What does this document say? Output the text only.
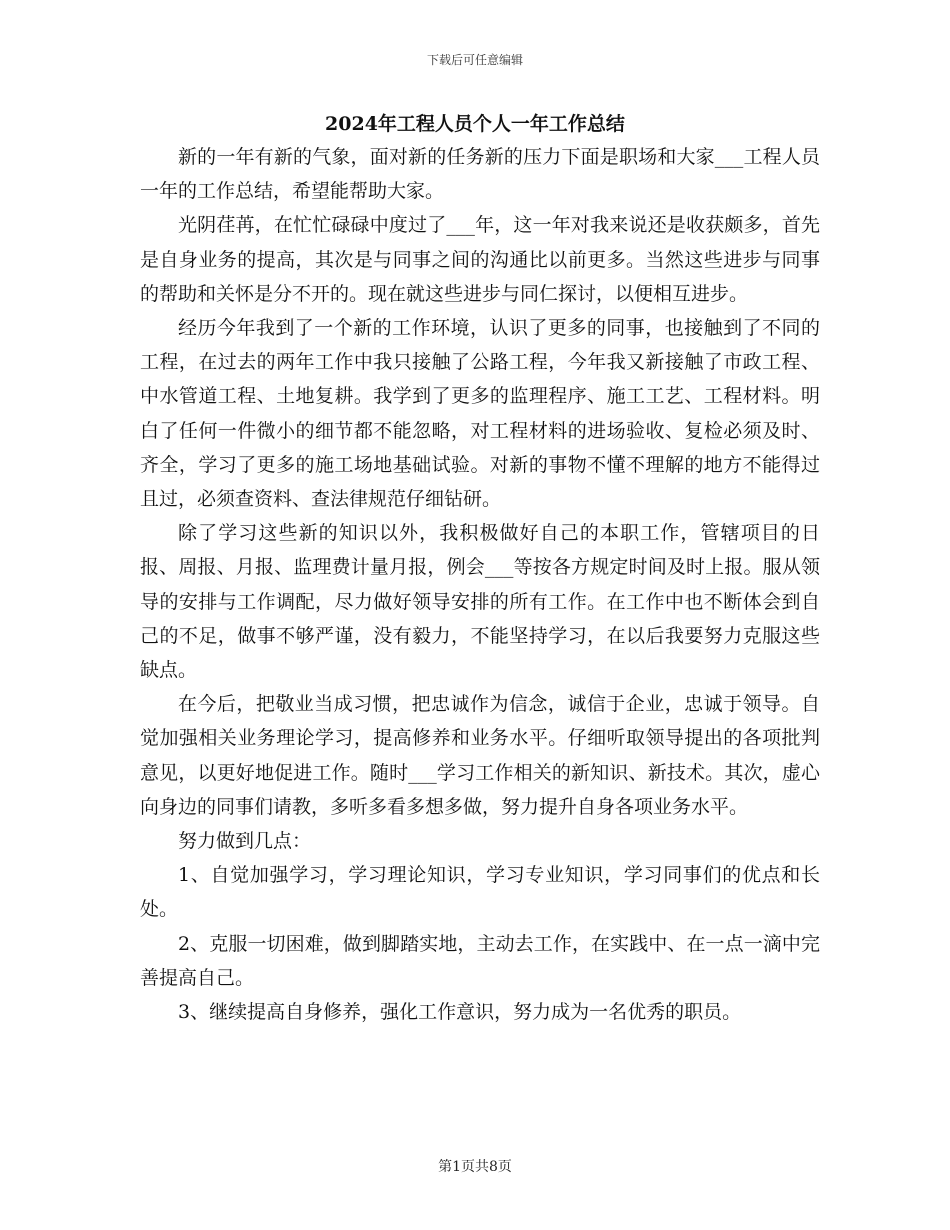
下载后可任意编辑
2024年工程人员个人一年工作总结

新的一年有新的气象，面对新的任务新的压力下面是职场和大家___工程人员一年的工作总结，希望能帮助大家。

光阴荏苒，在忙忙碌碌中度过了___年，这一年对我来说还是收获颇多，首先是自身业务的提高，其次是与同事之间的沟通比以前更多。当然这些进步与同事的帮助和关怀是分不开的。现在就这些进步与同仁探讨，以便相互进步。

经历今年我到了一个新的工作环境，认识了更多的同事，也接触到了不同的工程，在过去的两年工作中我只接触了公路工程，今年我又新接触了市政工程、中水管道工程、土地复耕。我学到了更多的监理程序、施工工艺、工程材料。明白了任何一件微小的细节都不能忽略，对工程材料的进场验收、复检必须及时、齐全，学习了更多的施工场地基础试验。对新的事物不懂不理解的地方不能得过且过，必须查资料、查法律规范仔细钻研。

除了学习这些新的知识以外，我积极做好自己的本职工作，管辖项目的日报、周报、月报、监理费计量月报，例会___等按各方规定时间及时上报。服从领导的安排与工作调配，尽力做好领导安排的所有工作。在工作中也不断体会到自己的不足，做事不够严谨，没有毅力，不能坚持学习，在以后我要努力克服这些缺点。

在今后，把敬业当成习惯，把忠诚作为信念，诚信于企业，忠诚于领导。自觉加强相关业务理论学习，提高修养和业务水平。仔细听取领导提出的各项批判意见，以更好地促进工作。随时___学习工作相关的新知识、新技术。其次，虚心向身边的同事们请教，多听多看多想多做，努力提升自身各项业务水平。

努力做到几点：

1、自觉加强学习，学习理论知识，学习专业知识，学习同事们的优点和长处。

2、克服一切困难，做到脚踏实地，主动去工作，在实践中、在一点一滴中完善提高自己。

3、继续提高自身修养，强化工作意识，努力成为一名优秀的职员。

第1页共8页
